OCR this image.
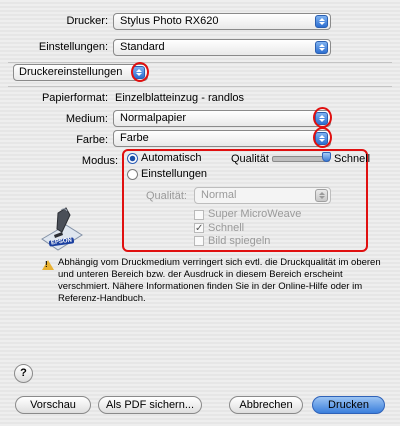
Drucker:	Stylus Photo RX620
Einstellungen:	Standard
Druckereinstellungen
Papierformat: Einzelblatteinzug - randlos
Medium:	Normalpapier
Farbe:	Farbe
Modus: Automatisch	Qualität	Schnell
Einstellungen
Qualität:	Normal
Super MicroWeave
✓ Schnell
Bild spiegeln
EPSON
! Abhängig vom Druckmedium verringert sich evtl. die Druckqualität im oberen
und unteren Bereich bzw. der Ausdruck in diesem Bereich erscheint
verschmiert. Nähere Informationen finden Sie in der Online-Hilfe oder im
Referenz-Handbuch.
?
Vorschau	Als PDF sichern...	Abbrechen	Drucken
